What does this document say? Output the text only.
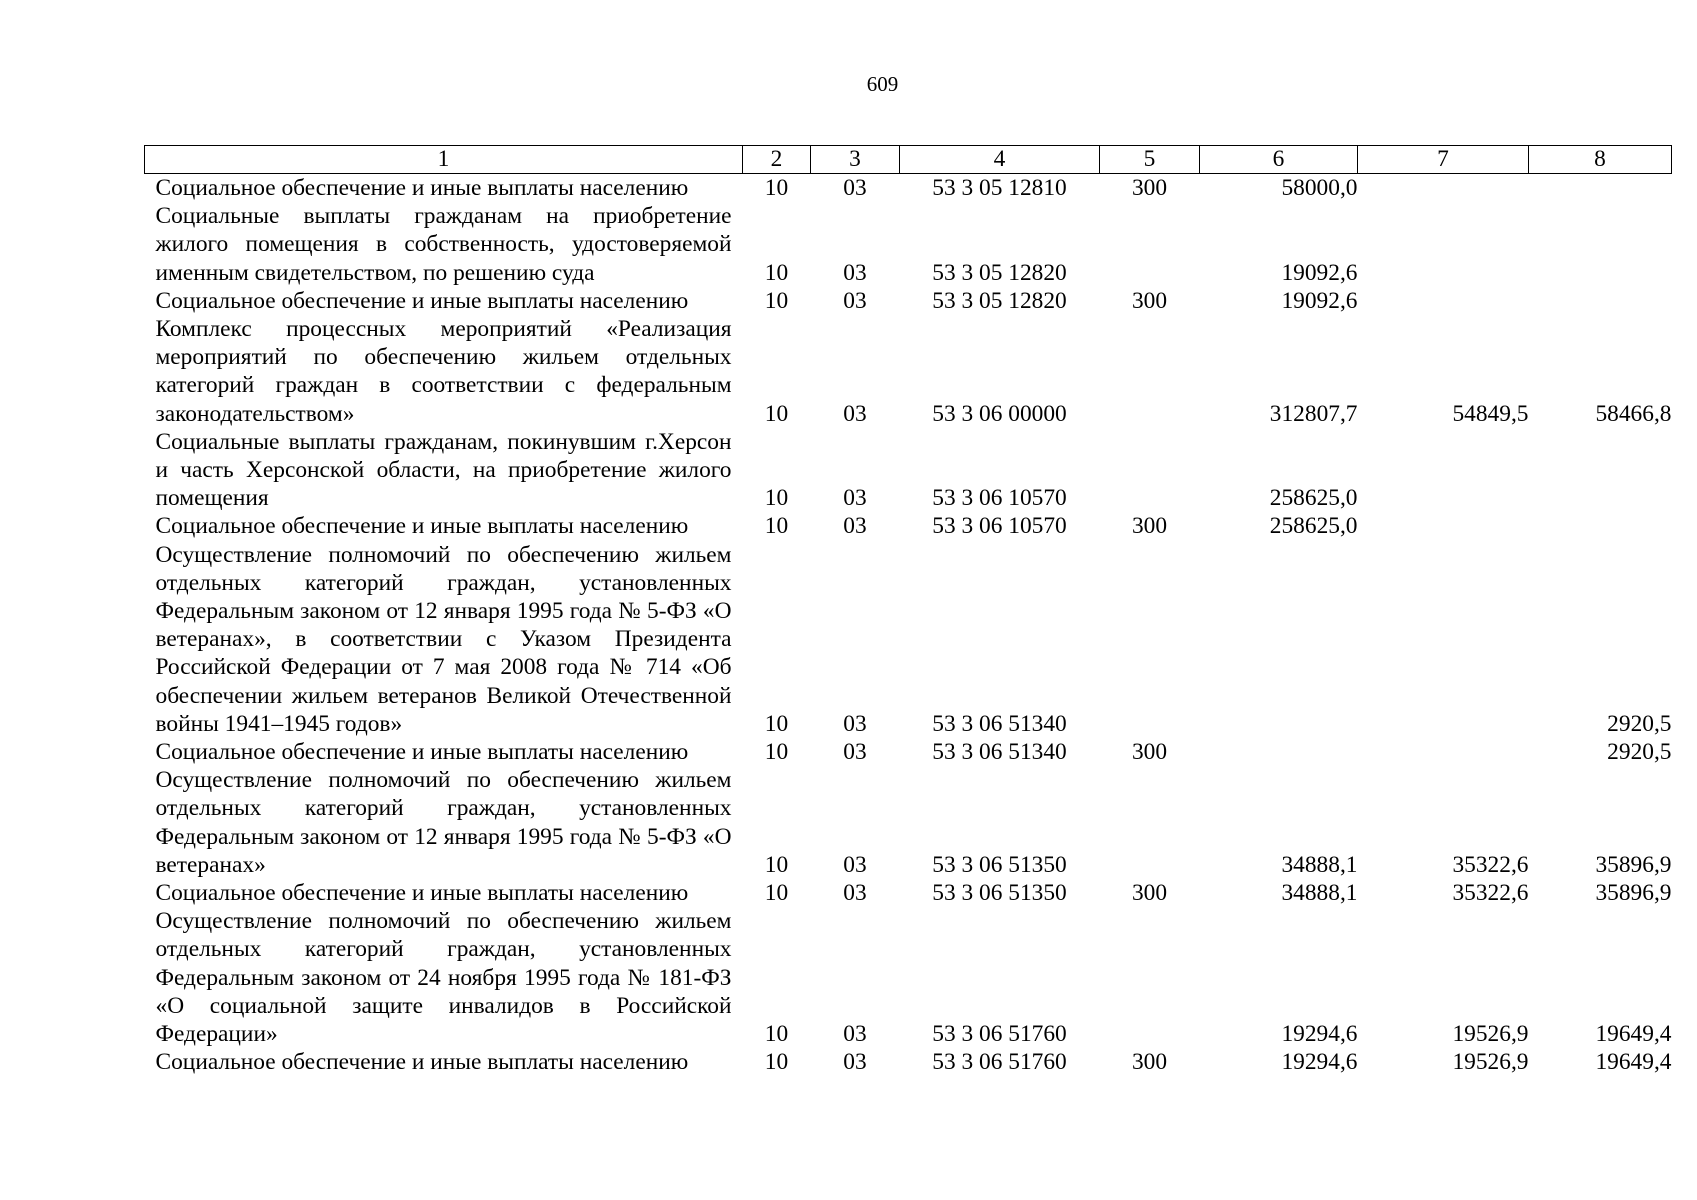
609
1	2	3	4	5	6	7	8
Социальное обеспечение и иные выплаты населению	10	03	53 3 05 12810	300	58000,0		
Социальные выплаты гражданам на приобретение жилого помещения в собственность, удостоверяемой именным свидетельством, по решению суда	10	03	53 3 05 12820		19092,6		
Социальное обеспечение и иные выплаты населению	10	03	53 3 05 12820	300	19092,6		
Комплекс процессных мероприятий «Реализация мероприятий по обеспечению жильем отдельных категорий граждан в соответствии с федеральным законодательством»	10	03	53 3 06 00000		312807,7	54849,5	58466,8
Социальные выплаты гражданам, покинувшим г.Херсон и часть Херсонской области, на приобретение жилого помещения	10	03	53 3 06 10570		258625,0		
Социальное обеспечение и иные выплаты населению	10	03	53 3 06 10570	300	258625,0		
Осуществление полномочий по обеспечению жильем отдельных категорий граждан, установленных Федеральным законом от 12 января 1995 года № 5-ФЗ «О ветеранах», в соответствии с Указом Президента Российской Федерации от 7 мая 2008 года № 714 «Об обеспечении жильем ветеранов Великой Отечественной войны 1941–1945 годов»	10	03	53 3 06 51340				2920,5
Социальное обеспечение и иные выплаты населению	10	03	53 3 06 51340	300			2920,5
Осуществление полномочий по обеспечению жильем отдельных категорий граждан, установленных Федеральным законом от 12 января 1995 года № 5-ФЗ «О ветеранах»	10	03	53 3 06 51350		34888,1	35322,6	35896,9
Социальное обеспечение и иные выплаты населению	10	03	53 3 06 51350	300	34888,1	35322,6	35896,9
Осуществление полномочий по обеспечению жильем отдельных категорий граждан, установленных Федеральным законом от 24 ноября 1995 года № 181-ФЗ «О социальной защите инвалидов в Российской Федерации»	10	03	53 3 06 51760		19294,6	19526,9	19649,4
Социальное обеспечение и иные выплаты населению	10	03	53 3 06 51760	300	19294,6	19526,9	19649,4
